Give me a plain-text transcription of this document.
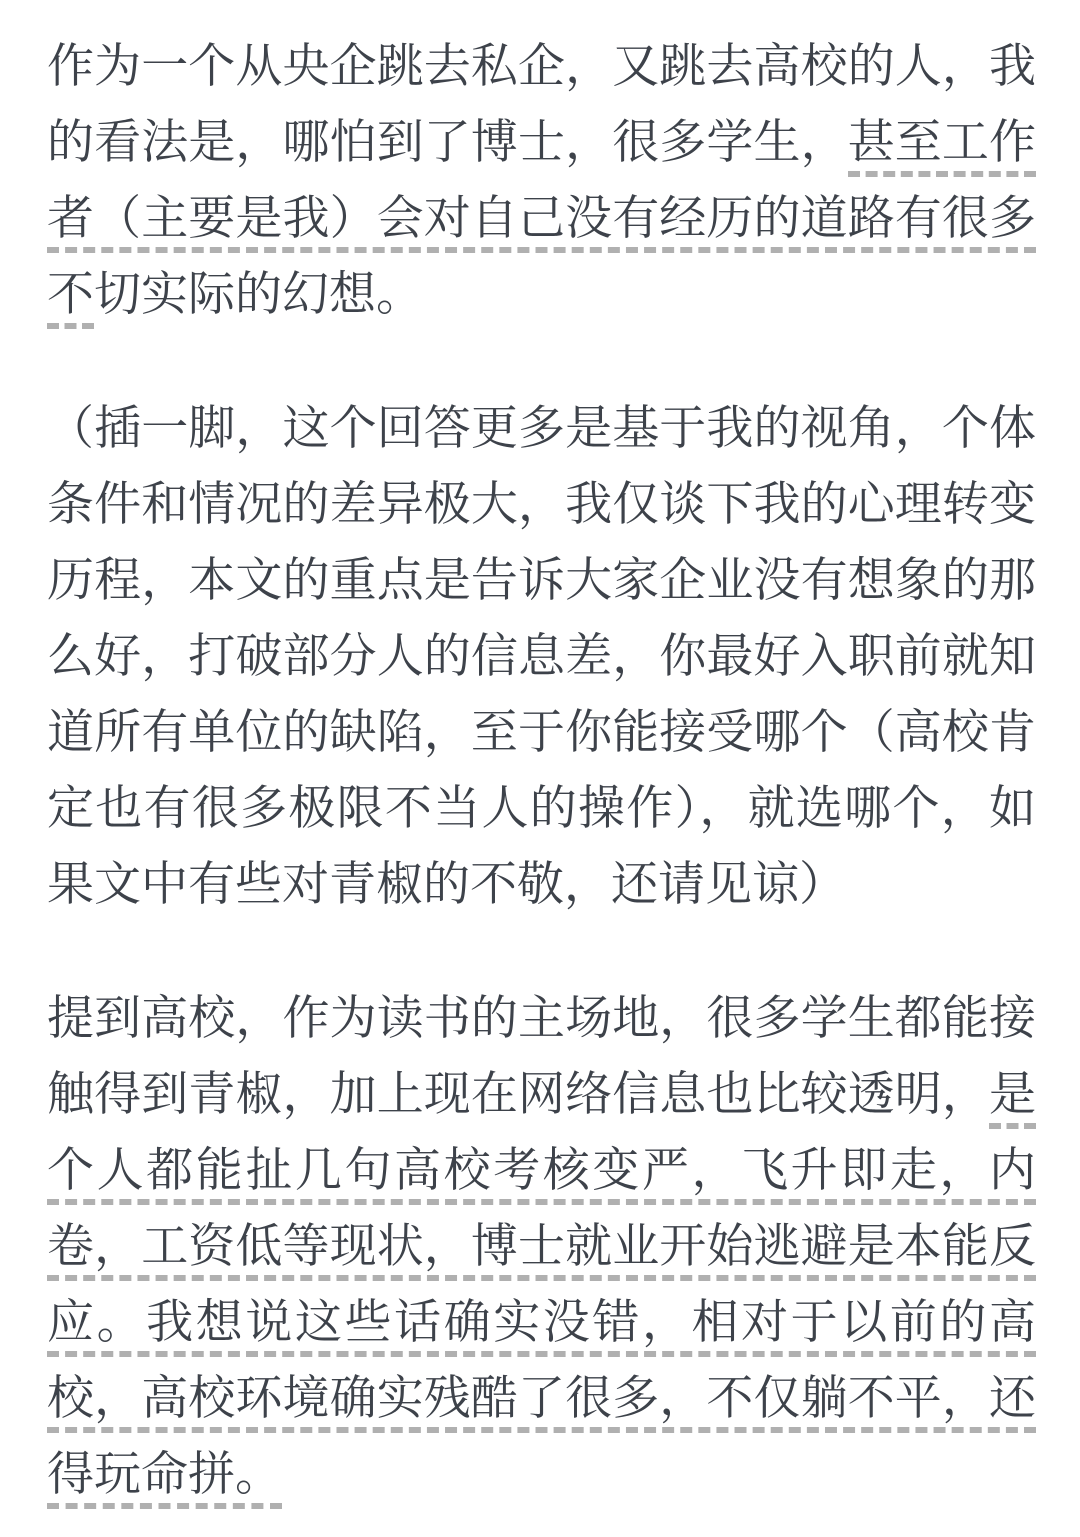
作为一个从央企跳去私企，又跳去高校的人，我的看法是，哪怕到了博士，很多学生，甚至工作者（主要是我）会对自己没有经历的道路有很多不切实际的幻想。

（插一脚，这个回答更多是基于我的视角，个体条件和情况的差异极大，我仅谈下我的心理转变历程，本文的重点是告诉大家企业没有想象的那么好，打破部分人的信息差，你最好入职前就知道所有单位的缺陷，至于你能接受哪个（高校肯定也有很多极限不当人的操作），就选哪个，如果文中有些对青椒的不敬，还请见谅）

提到高校，作为读书的主场地，很多学生都能接触得到青椒，加上现在网络信息也比较透明，是个人都能扯几句高校考核变严，飞升即走，内卷，工资低等现状，博士就业开始逃避是本能反应。我想说这些话确实没错，相对于以前的高校，高校环境确实残酷了很多，不仅躺不平，还得玩命拼。
